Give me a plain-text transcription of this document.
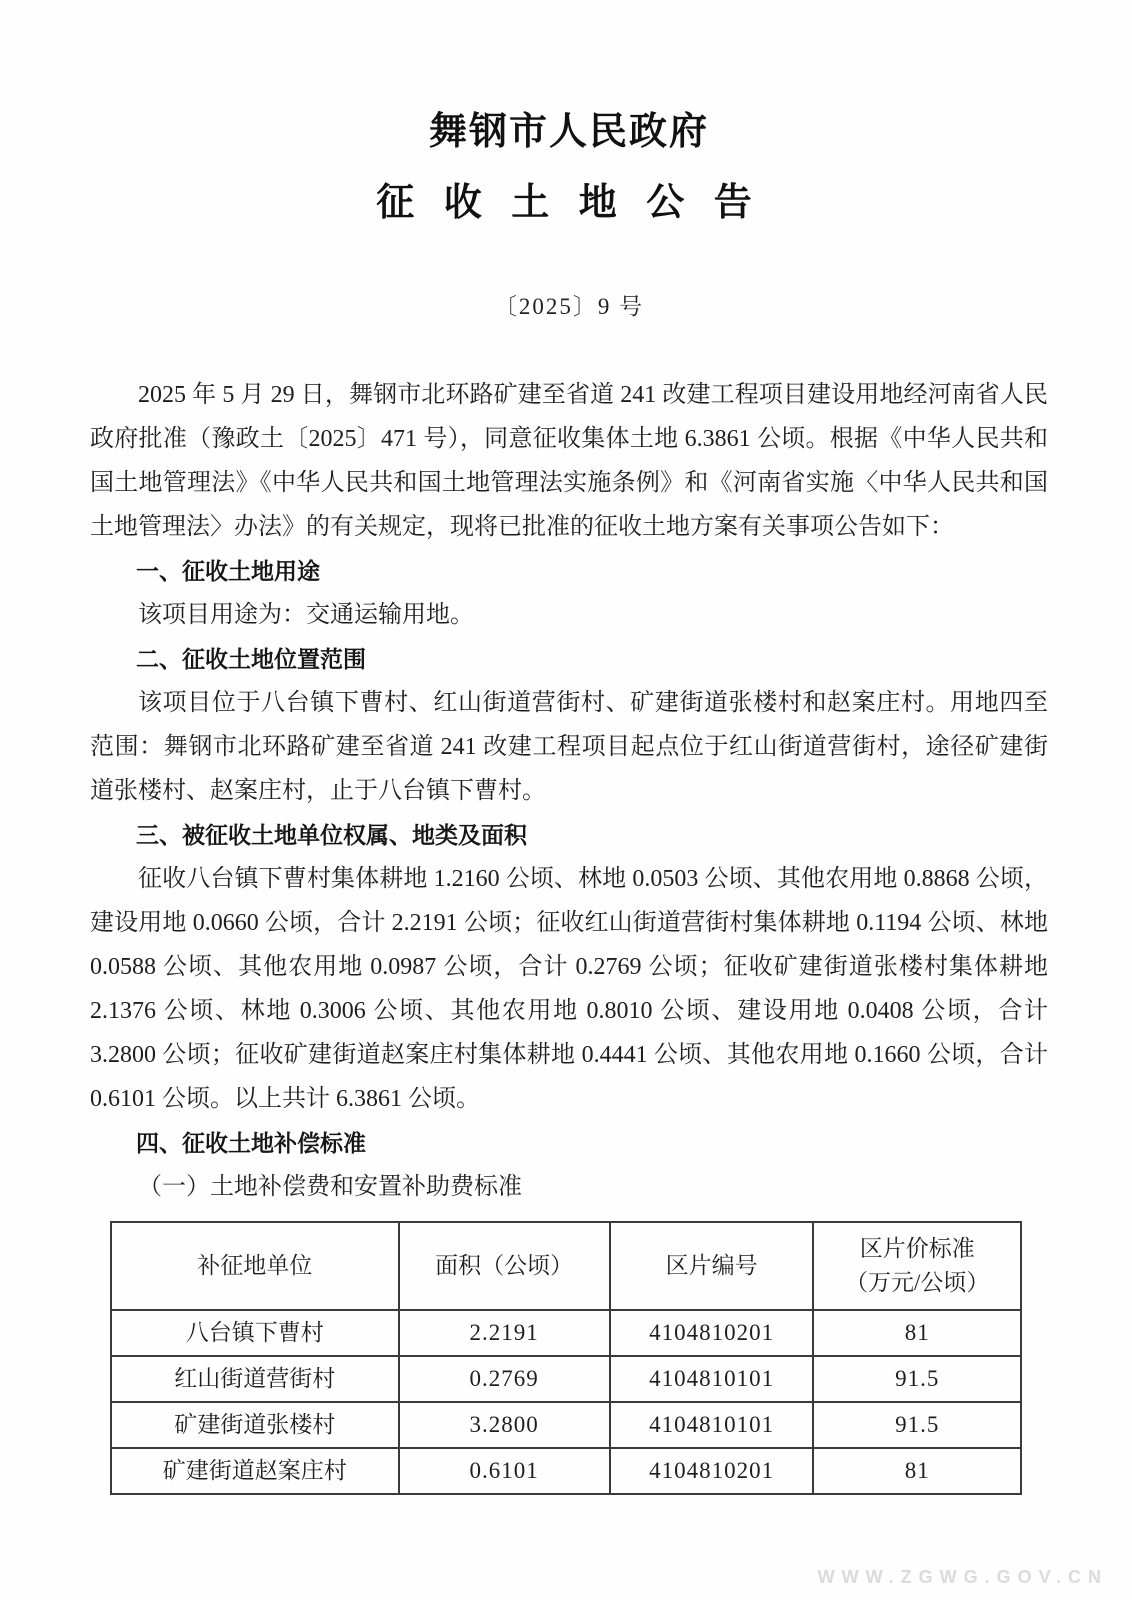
舞钢市人民政府
征 收 土 地 公 告
〔2025〕9 号

2025 年 5 月 29 日，舞钢市北环路矿建至省道 241 改建工程项目建设用地经河南省人民政府批准（豫政土〔2025〕471 号），同意征收集体土地 6.3861 公顷。根据《中华人民共和国土地管理法》《中华人民共和国土地管理法实施条例》和《河南省实施〈中华人民共和国土地管理法〉办法》的有关规定，现将已批准的征收土地方案有关事项公告如下：

一、征收土地用途

该项目用途为：交通运输用地。

二、征收土地位置范围

该项目位于八台镇下曹村、红山街道营街村、矿建街道张楼村和赵案庄村。用地四至范围：舞钢市北环路矿建至省道 241 改建工程项目起点位于红山街道营街村，途径矿建街道张楼村、赵案庄村，止于八台镇下曹村。

三、被征收土地单位权属、地类及面积

征收八台镇下曹村集体耕地 1.2160 公顷、林地 0.0503 公顷、其他农用地 0.8868 公顷，建设用地 0.0660 公顷，合计 2.2191 公顷；征收红山街道营街村集体耕地 0.1194 公顷、林地 0.0588 公顷、其他农用地 0.0987 公顷，合计 0.2769 公顷；征收矿建街道张楼村集体耕地 2.1376 公顷、林地 0.3006 公顷、其他农用地 0.8010 公顷、建设用地 0.0408 公顷，合计 3.2800 公顷；征收矿建街道赵案庄村集体耕地 0.4441 公顷、其他农用地 0.1660 公顷，合计 0.6101 公顷。以上共计 6.3861 公顷。

四、征收土地补偿标准

（一）土地补偿费和安置补助费标准

补征地单位	面积（公顷）	区片编号	区片价标准
（万元/公顷）

八台镇下曹村	2.2191	4104810201	81
红山街道营街村	0.2769	4104810101	91.5
矿建街道张楼村	3.2800	4104810101	91.5
矿建街道赵案庄村	0.6101	4104810201	81
WWW.ZGWG.GOV.CN
